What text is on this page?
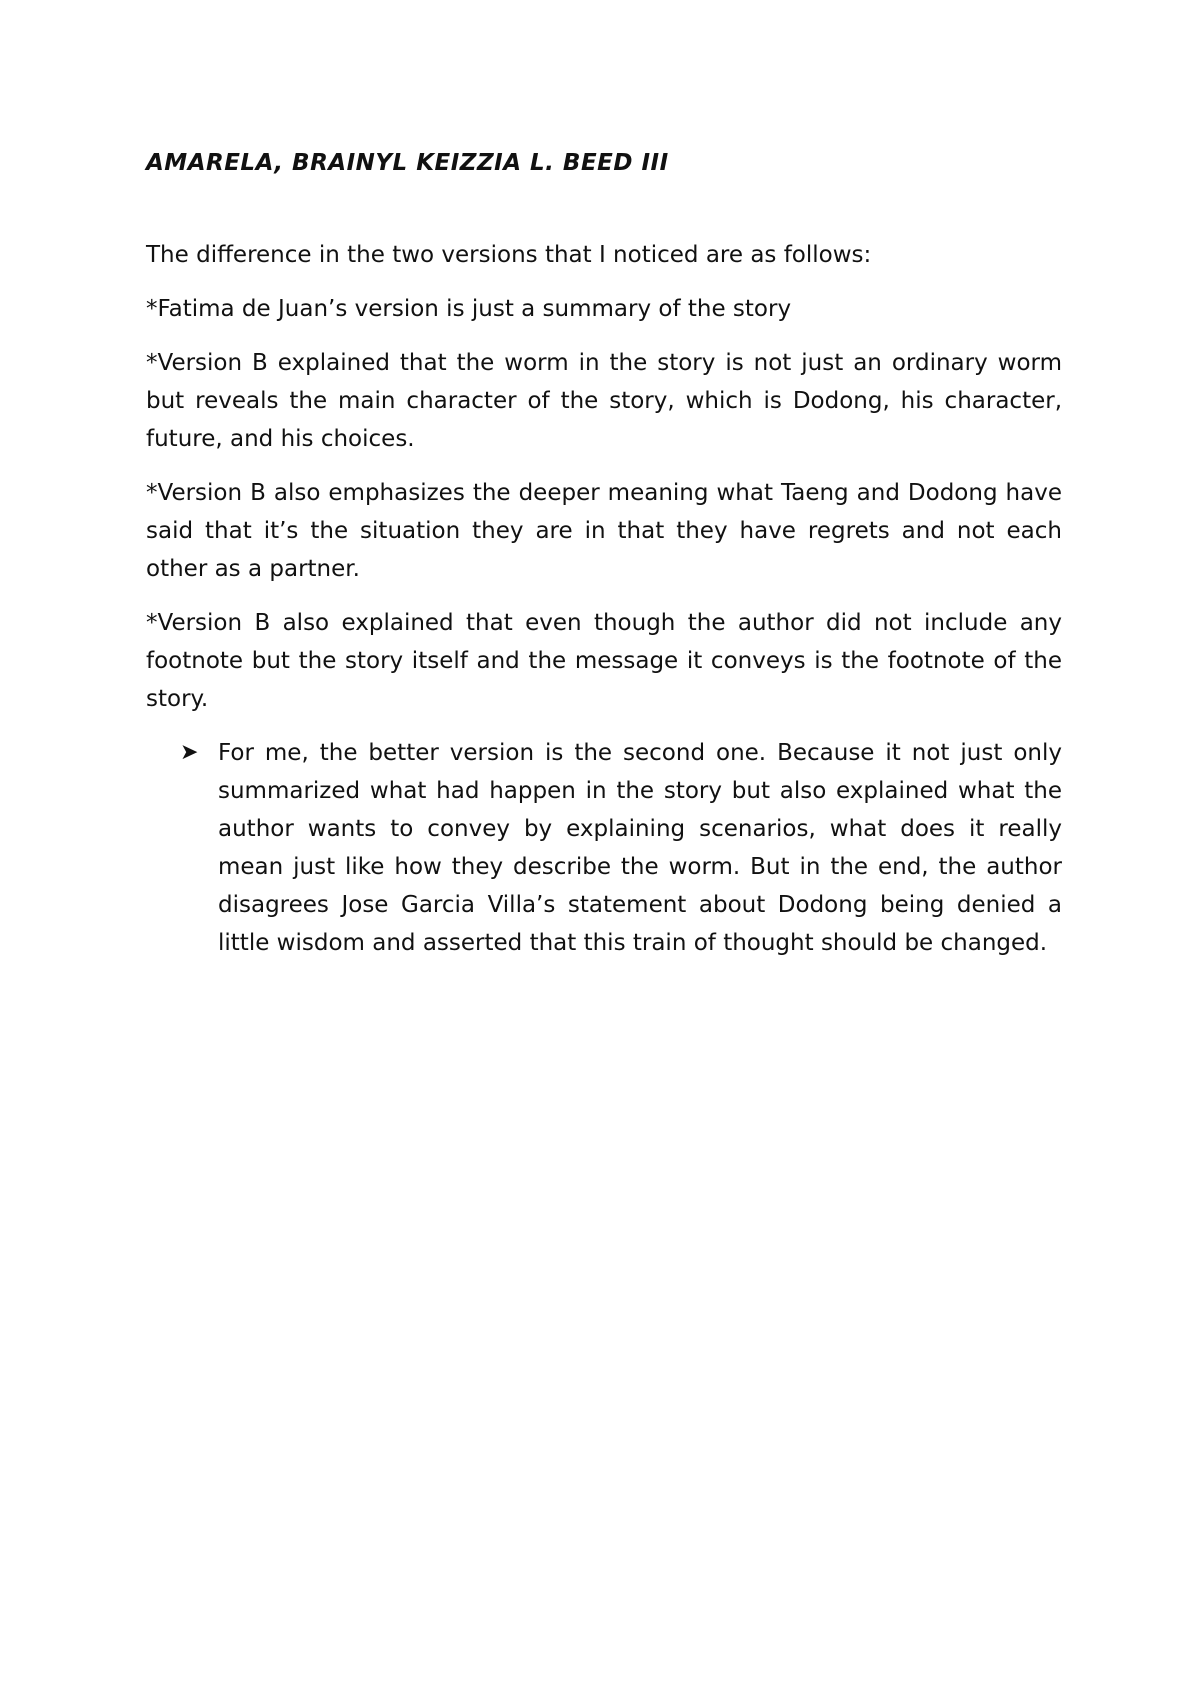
AMARELA, BRAINYL KEIZZIA L. BEED III

The difference in the two versions that I noticed are as follows:

*Fatima de Juan’s version is just a summary of the story

*Version B explained that the worm in the story is not just an ordinary worm but reveals the main character of the story, which is Dodong, his character, future, and his choices.

*Version B also emphasizes the deeper meaning what Taeng and Dodong have said that it’s the situation they are in that they have regrets and not each other as a partner.

*Version B also explained that even though the author did not include any footnote but the story itself and the message it conveys is the footnote of the story.

➤ For me, the better version is the second one. Because it not just only summarized what had happen in the story but also explained what the author wants to convey by explaining scenarios, what does it really mean just like how they describe the worm. But in the end, the author disagrees Jose Garcia Villa’s statement about Dodong being denied a little wisdom and asserted that this train of thought should be changed.
